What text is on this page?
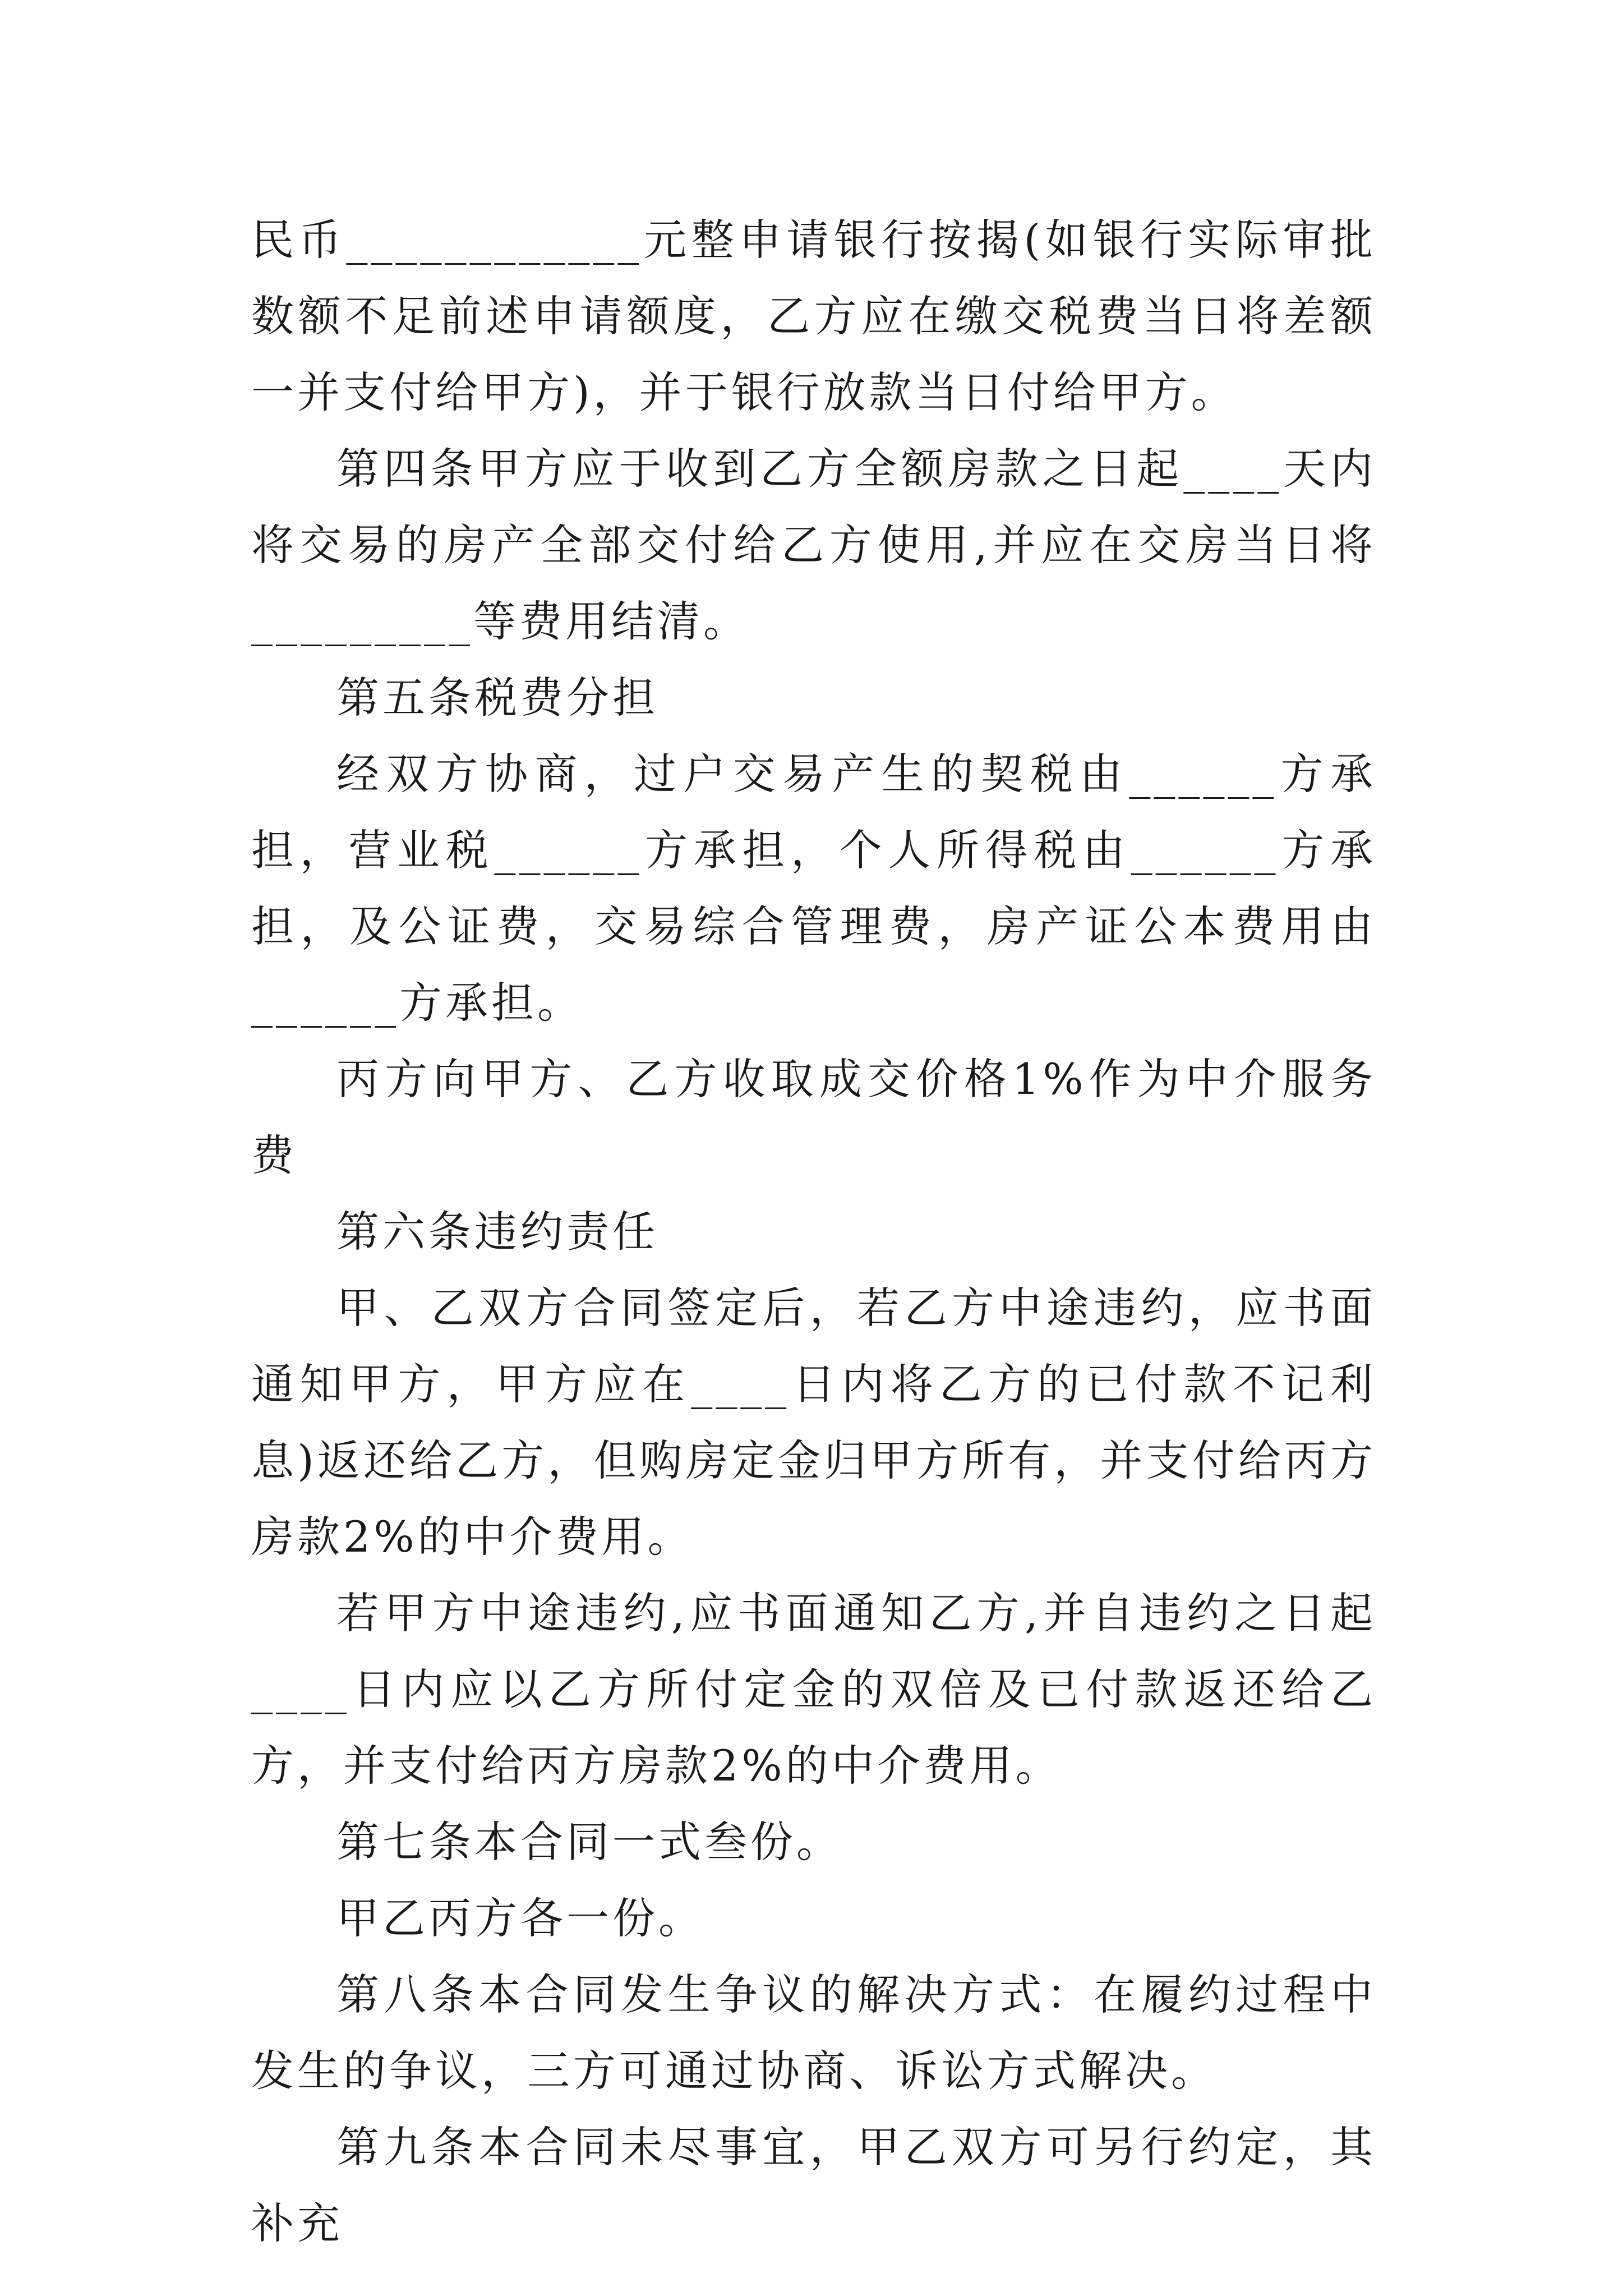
民币____________元整申请银行按揭(如银行实际审批数额不足前述申请额度，乙方应在缴交税费当日将差额一并支付给甲方)，并于银行放款当日付给甲方。

第四条甲方应于收到乙方全额房款之日起____天内将交易的房产全部交付给乙方使用,并应在交房当日将_________等费用结清。

第五条税费分担

经双方协商，过户交易产生的契税由______方承担，营业税______方承担，个人所得税由______方承担，及公证费，交易综合管理费，房产证公本费用由______方承担。

丙方向甲方、乙方收取成交价格1%作为中介服务费

第六条违约责任

甲、乙双方合同签定后，若乙方中途违约，应书面通知甲方，甲方应在____日内将乙方的已付款不记利息)返还给乙方，但购房定金归甲方所有，并支付给丙方房款2%的中介费用。

若甲方中途违约,应书面通知乙方,并自违约之日起____日内应以乙方所付定金的双倍及已付款返还给乙方，并支付给丙方房款2%的中介费用。

第七条本合同一式叁份。

甲乙丙方各一份。

第八条本合同发生争议的解决方式：在履约过程中发生的争议，三方可通过协商、诉讼方式解决。

第九条本合同未尽事宜，甲乙双方可另行约定，其补充
